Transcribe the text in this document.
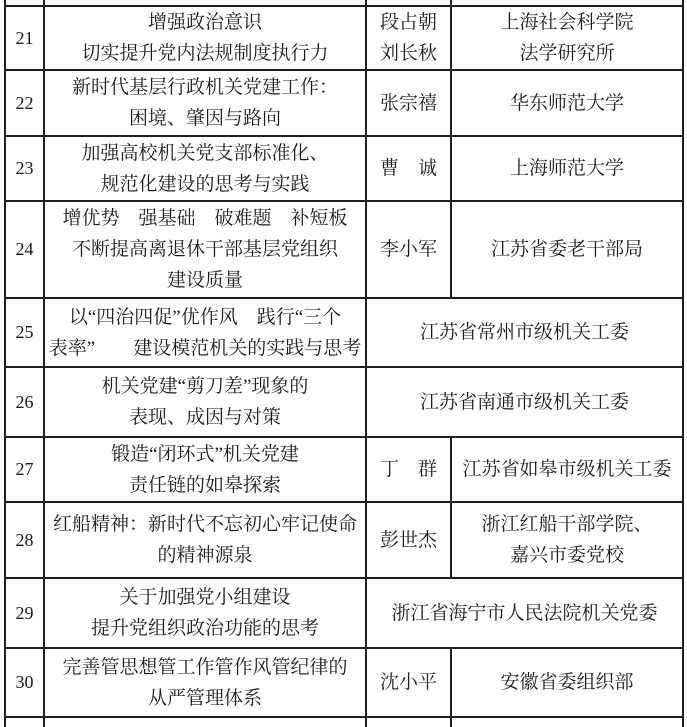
21	增强政治意识
切实提升党内法规制度执行力	段占朝
刘长秋	上海社会科学院
法学研究所

22	新时代基层行政机关党建工作：
困境、肇因与路向	张宗禧	华东师范大学

23	加强高校机关党支部标准化、
规范化建设的思考与实践	曹　诚	上海师范大学

24	增优势　强基础　破难题　补短板
不断提高离退休干部基层党组织
建设质量	李小军	江苏省委老干部局

25	以“四治四促”优作风　践行“三个
表率”　　建设模范机关的实践与思考	江苏省常州市级机关工委	

26	机关党建“剪刀差”现象的
表现、成因与对策	江苏省南通市级机关工委	

27	锻造“闭环式”机关党建
责任链的如皋探索	丁　群	江苏省如皋市级机关工委

28	红船精神：新时代不忘初心牢记使命
的精神源泉	彭世杰	浙江红船干部学院、
嘉兴市委党校

29	关于加强党小组建设
提升党组织政治功能的思考	浙江省海宁市人民法院机关党委	

30	完善管思想管工作管作风管纪律的
从严管理体系	沈小平	安徽省委组织部
